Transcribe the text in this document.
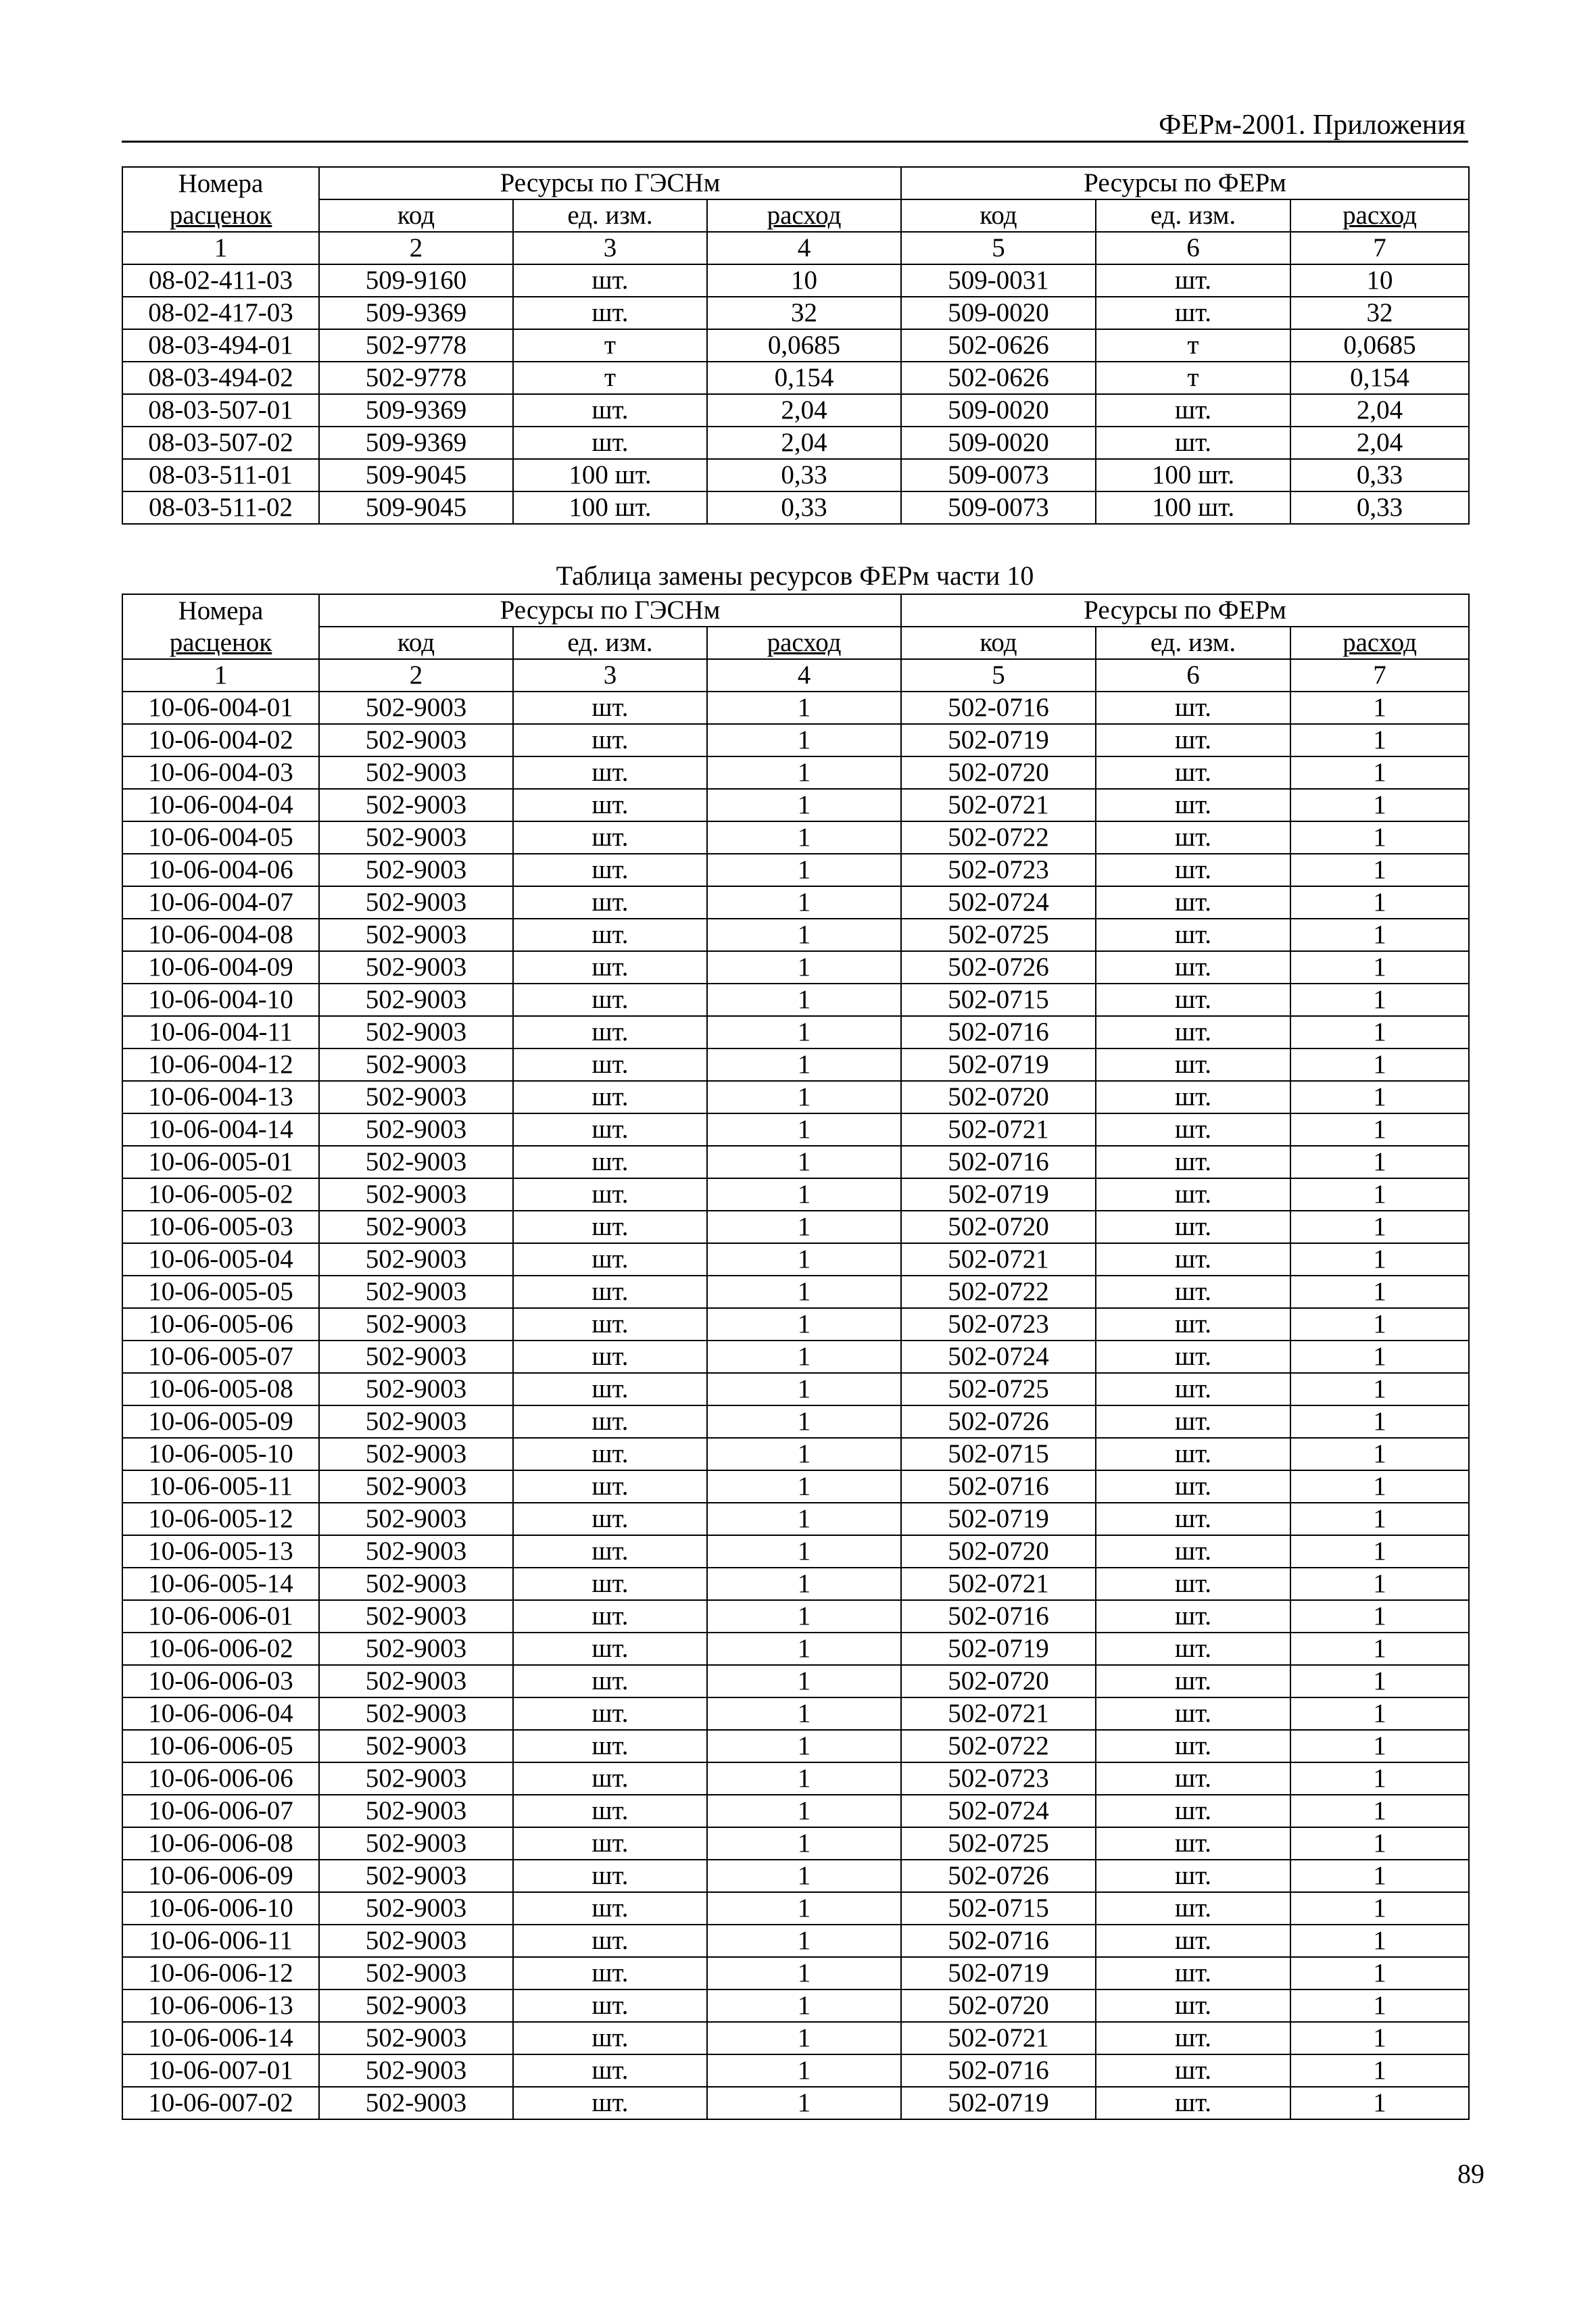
ФЕРм-2001. Приложения
Номера	Ресурсы по ГЭСНм			Ресурсы по ФЕРм		
расценок	код	ед. изм.	расход	код	ед. изм.	расход
1	2	3	4	5	6	7
08-02-411-03	509-9160	шт.	10	509-0031	шт.	10
08-02-417-03	509-9369	шт.	32	509-0020	шт.	32
08-03-494-01	502-9778	т	0,0685	502-0626	т	0,0685
08-03-494-02	502-9778	т	0,154	502-0626	т	0,154
08-03-507-01	509-9369	шт.	2,04	509-0020	шт.	2,04
08-03-507-02	509-9369	шт.	2,04	509-0020	шт.	2,04
08-03-511-01	509-9045	100 шт.	0,33	509-0073	100 шт.	0,33
08-03-511-02	509-9045	100 шт.	0,33	509-0073	100 шт.	0,33
Таблица замены ресурсов ФЕРм части 10
Номера	Ресурсы по ГЭСНм			Ресурсы по ФЕРм		
расценок	код	ед. изм.	расход	код	ед. изм.	расход
1	2	3	4	5	6	7
10-06-004-01	502-9003	шт.	1	502-0716	шт.	1
10-06-004-02	502-9003	шт.	1	502-0719	шт.	1
10-06-004-03	502-9003	шт.	1	502-0720	шт.	1
10-06-004-04	502-9003	шт.	1	502-0721	шт.	1
10-06-004-05	502-9003	шт.	1	502-0722	шт.	1
10-06-004-06	502-9003	шт.	1	502-0723	шт.	1
10-06-004-07	502-9003	шт.	1	502-0724	шт.	1
10-06-004-08	502-9003	шт.	1	502-0725	шт.	1
10-06-004-09	502-9003	шт.	1	502-0726	шт.	1
10-06-004-10	502-9003	шт.	1	502-0715	шт.	1
10-06-004-11	502-9003	шт.	1	502-0716	шт.	1
10-06-004-12	502-9003	шт.	1	502-0719	шт.	1
10-06-004-13	502-9003	шт.	1	502-0720	шт.	1
10-06-004-14	502-9003	шт.	1	502-0721	шт.	1
10-06-005-01	502-9003	шт.	1	502-0716	шт.	1
10-06-005-02	502-9003	шт.	1	502-0719	шт.	1
10-06-005-03	502-9003	шт.	1	502-0720	шт.	1
10-06-005-04	502-9003	шт.	1	502-0721	шт.	1
10-06-005-05	502-9003	шт.	1	502-0722	шт.	1
10-06-005-06	502-9003	шт.	1	502-0723	шт.	1
10-06-005-07	502-9003	шт.	1	502-0724	шт.	1
10-06-005-08	502-9003	шт.	1	502-0725	шт.	1
10-06-005-09	502-9003	шт.	1	502-0726	шт.	1
10-06-005-10	502-9003	шт.	1	502-0715	шт.	1
10-06-005-11	502-9003	шт.	1	502-0716	шт.	1
10-06-005-12	502-9003	шт.	1	502-0719	шт.	1
10-06-005-13	502-9003	шт.	1	502-0720	шт.	1
10-06-005-14	502-9003	шт.	1	502-0721	шт.	1
10-06-006-01	502-9003	шт.	1	502-0716	шт.	1
10-06-006-02	502-9003	шт.	1	502-0719	шт.	1
10-06-006-03	502-9003	шт.	1	502-0720	шт.	1
10-06-006-04	502-9003	шт.	1	502-0721	шт.	1
10-06-006-05	502-9003	шт.	1	502-0722	шт.	1
10-06-006-06	502-9003	шт.	1	502-0723	шт.	1
10-06-006-07	502-9003	шт.	1	502-0724	шт.	1
10-06-006-08	502-9003	шт.	1	502-0725	шт.	1
10-06-006-09	502-9003	шт.	1	502-0726	шт.	1
10-06-006-10	502-9003	шт.	1	502-0715	шт.	1
10-06-006-11	502-9003	шт.	1	502-0716	шт.	1
10-06-006-12	502-9003	шт.	1	502-0719	шт.	1
10-06-006-13	502-9003	шт.	1	502-0720	шт.	1
10-06-006-14	502-9003	шт.	1	502-0721	шт.	1
10-06-007-01	502-9003	шт.	1	502-0716	шт.	1
10-06-007-02	502-9003	шт.	1	502-0719	шт.	1
89
